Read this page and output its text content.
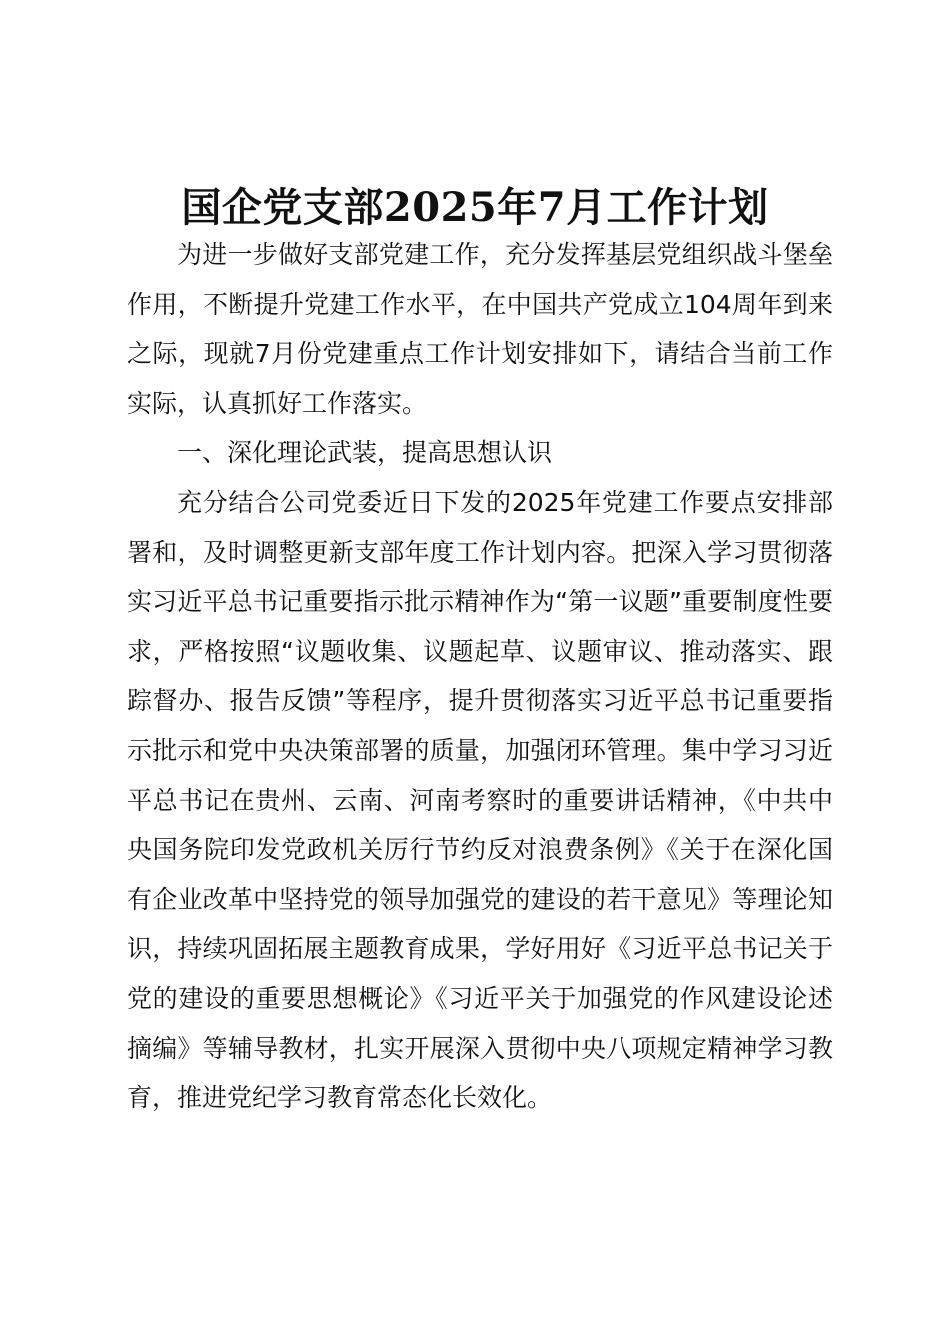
国企党支部2025年7月工作计划

为进一步做好支部党建工作，充分发挥基层党组织战斗堡垒作用，不断提升党建工作水平，在中国共产党成立104周年到来之际，现就7月份党建重点工作计划安排如下，请结合当前工作实际，认真抓好工作落实。

一、深化理论武装，提高思想认识

充分结合公司党委近日下发的2025年党建工作要点安排部署和，及时调整更新支部年度工作计划内容。把深入学习贯彻落实习近平总书记重要指示批示精神作为“第一议题”重要制度性要求，严格按照“议题收集、议题起草、议题审议、推动落实、跟踪督办、报告反馈”等程序，提升贯彻落实习近平总书记重要指示批示和党中央决策部署的质量，加强闭环管理。集中学习习近平总书记在贵州、云南、河南考察时的重要讲话精神，《中共中央国务院印发党政机关厉行节约反对浪费条例》《关于在深化国有企业改革中坚持党的领导加强党的建设的若干意见》等理论知识，持续巩固拓展主题教育成果，学好用好《习近平总书记关于党的建设的重要思想概论》《习近平关于加强党的作风建设论述摘编》等辅导教材，扎实开展深入贯彻中央八项规定精神学习教育，推进党纪学习教育常态化长效化。
